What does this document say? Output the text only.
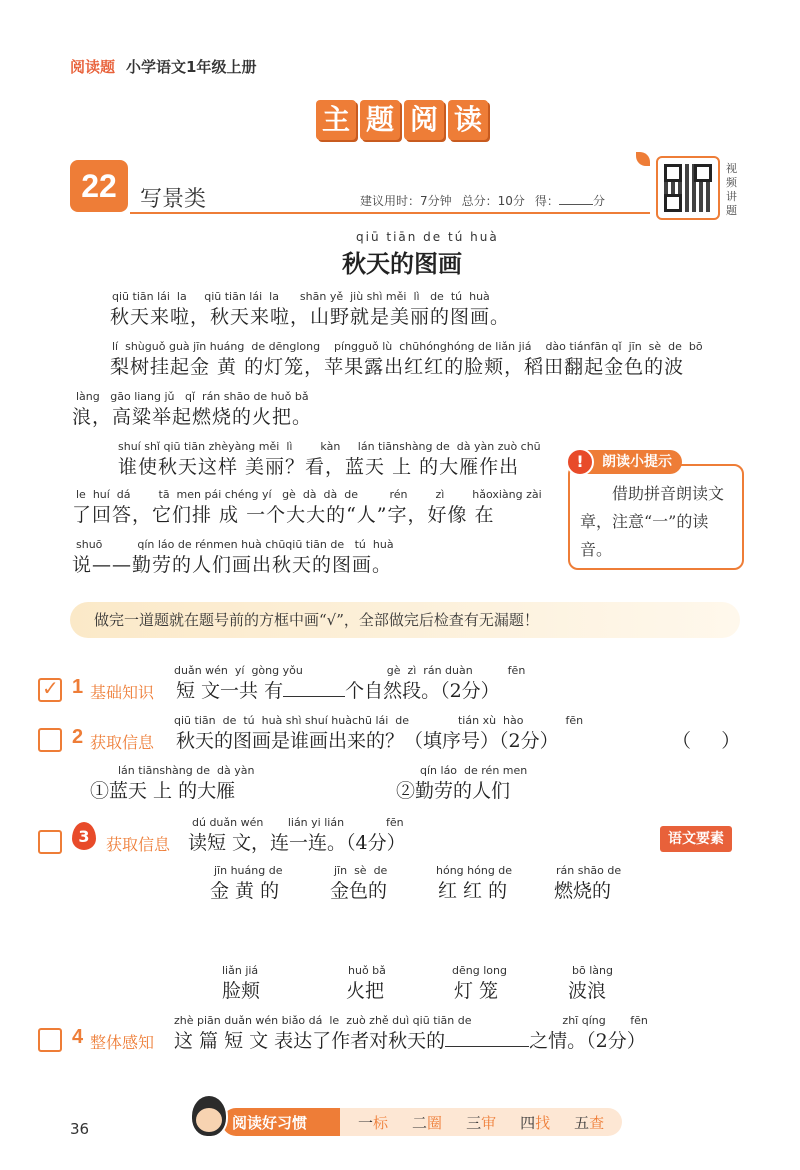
阅读题 小学语文1年级上册
主 题 阅 读
22	写景类	建议用时：7分钟 总分：10分 得：	分
视频讲题
qiū tiān de tú huà
秋天的图画
qiū tiān lái  la     qiū tiān lái  la      shān yě  jiù shì měi  lì   de  tú  huà
秋天来啦，秋天来啦，山野就是美丽的图画。
lí  shùguǒ guà jīn huáng  de dēnglong    píngguǒ lù  chūhónghóng de liǎn jiá    dào tiánfān qǐ  jīn  sè  de  bō
梨树挂起金 黄 的灯笼，苹果露出红红的脸颊，稻田翻起金色的波
làng   gāo liang jǔ   qǐ  rán shāo de huǒ bǎ
浪，高粱举起燃烧的火把。
shuí shǐ qiū tiān zhèyàng měi  lì        kàn     lán tiānshàng de  dà yàn zuò chū
谁使秋天这样 美丽？看，蓝天 上 的大雁作出
le  huí  dá        tā  men pái chéng yí   gè  dà  dà  de         rén        zì        hǎoxiàng zài
了回答，它们排 成 一个大大的“人”字，好像 在
shuō          qín láo de rénmen huà chūqiū tiān de   tú  huà
说——勤劳的人们画出秋天的图画。
朗读小提示
!
借助拼音朗读文章，注意“一”的读音。
做完一道题就在题号前的方框中画“√”，全部做完后检查有无漏题！
duǎn wén  yí  gòng yǒu                        gè  zì  rán duàn          fēn
✓ 1 基础知识 短 文一共 有	个自然段。（2分）
qiū tiān  de  tú  huà shì shuí huàchū lái  de              tián xù  hào            fēn
2 获取信息 秋天的图画是谁画出来的？（填序号）（2分）	（     ）
lán tiānshàng de  dà yàn
①蓝天 上 的大雁
qín láo  de rén men
②勤劳的人们
dú duǎn wén       lián yi lián            fēn
3	获取信息 读短 文，连一连。（4分）	语文要素
jīn huáng de
金 黄 的
jīn  sè  de
金色的
hóng hóng de
红 红 的
rán shāo de
燃烧的
liǎn jiá
脸颊
huǒ bǎ
火把
dēng long
灯 笼
bō làng
波浪
zhè piān duǎn wén biǎo dá  le  zuò zhě duì qiū tiān de                          zhī qíng       fēn
4 整体感知 这 篇 短 文 表达了作者对秋天的	之情。（2分）
36	阅读好习惯	一标 二圈 三审 四找 五查
